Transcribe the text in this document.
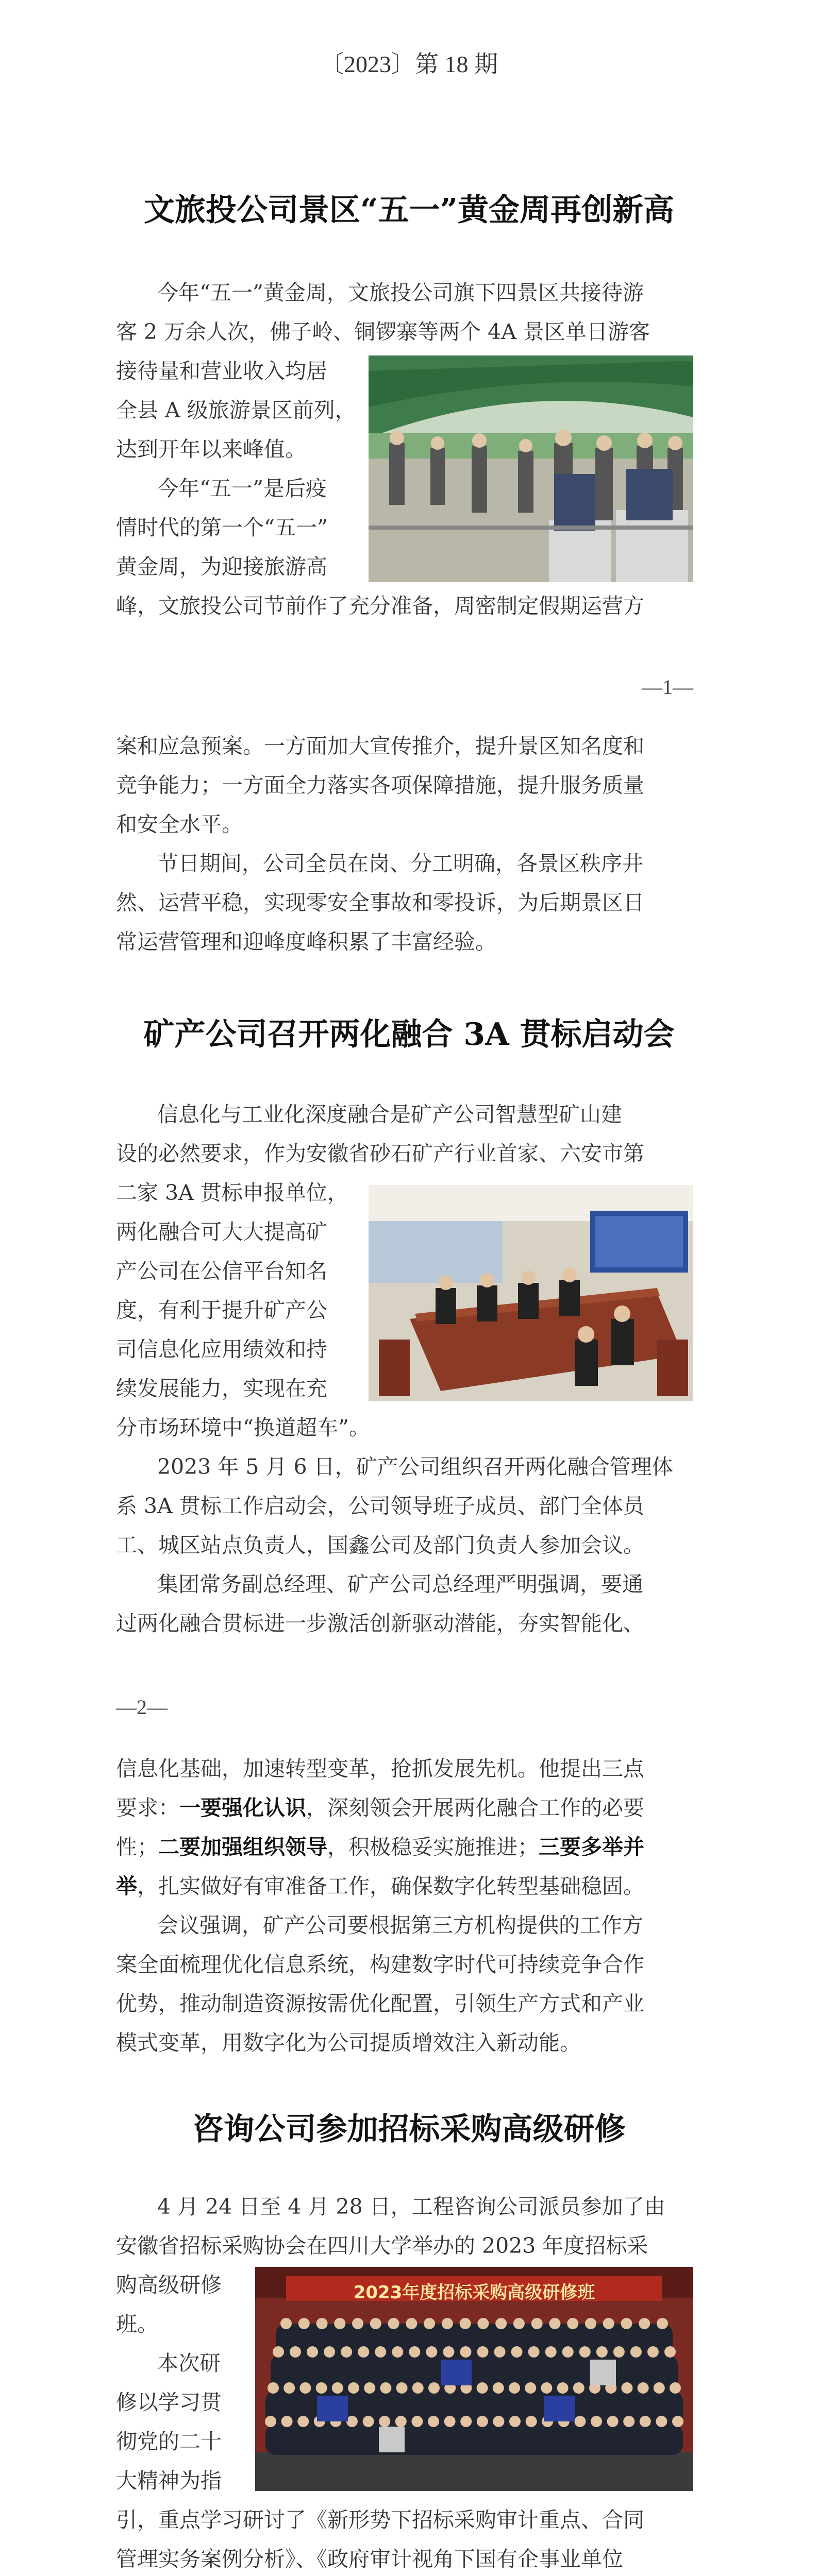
〔2023〕第 18 期
文旅投公司景区“五一”黄金周再创新高
今年“五一”黄金周，文旅投公司旗下四景区共接待游
客 2 万余人次，佛子岭、铜锣寨等两个 4A 景区单日游客
接待量和营业收入均居
全县 A 级旅游景区前列，
达到开年以来峰值。
今年“五一”是后疫
情时代的第一个“五一”
黄金周，为迎接旅游高
峰，文旅投公司节前作了充分准备，周密制定假期运营方
—1—
案和应急预案。一方面加大宣传推介，提升景区知名度和
竞争能力；一方面全力落实各项保障措施，提升服务质量
和安全水平。
节日期间，公司全员在岗、分工明确，各景区秩序井
然、运营平稳，实现零安全事故和零投诉，为后期景区日
常运营管理和迎峰度峰积累了丰富经验。
矿产公司召开两化融合 3A 贯标启动会
信息化与工业化深度融合是矿产公司智慧型矿山建
设的必然要求，作为安徽省砂石矿产行业首家、六安市第
二家 3A 贯标申报单位，
两化融合可大大提高矿
产公司在公信平台知名
度，有利于提升矿产公
司信息化应用绩效和持
续发展能力，实现在充
分市场环境中“换道超车”。
2023 年 5 月 6 日，矿产公司组织召开两化融合管理体
系 3A 贯标工作启动会，公司领导班子成员、部门全体员
工、城区站点负责人，国鑫公司及部门负责人参加会议。
集团常务副总经理、矿产公司总经理严明强调，要通
过两化融合贯标进一步激活创新驱动潜能，夯实智能化、
—2—
信息化基础，加速转型变革，抢抓发展先机。他提出三点
要求：一要强化认识，深刻领会开展两化融合工作的必要
性；二要加强组织领导，积极稳妥实施推进；三要多举并
举，扎实做好有审准备工作，确保数字化转型基础稳固。
会议强调，矿产公司要根据第三方机构提供的工作方
案全面梳理优化信息系统，构建数字时代可持续竞争合作
优势，推动制造资源按需优化配置，引领生产方式和产业
模式变革，用数字化为公司提质增效注入新动能。
咨询公司参加招标采购高级研修
4 月 24 日至 4 月 28 日，工程咨询公司派员参加了由
安徽省招标采购协会在四川大学举办的 2023 年度招标采
购高级研修
班。
本次研
修以学习贯
彻党的二十
大精神为指
2023年度招标采购高级研修班
引，重点学习研讨了《新形势下招标采购审计重点、合同
管理实务案例分析》、《政府审计视角下国有企事业单位
